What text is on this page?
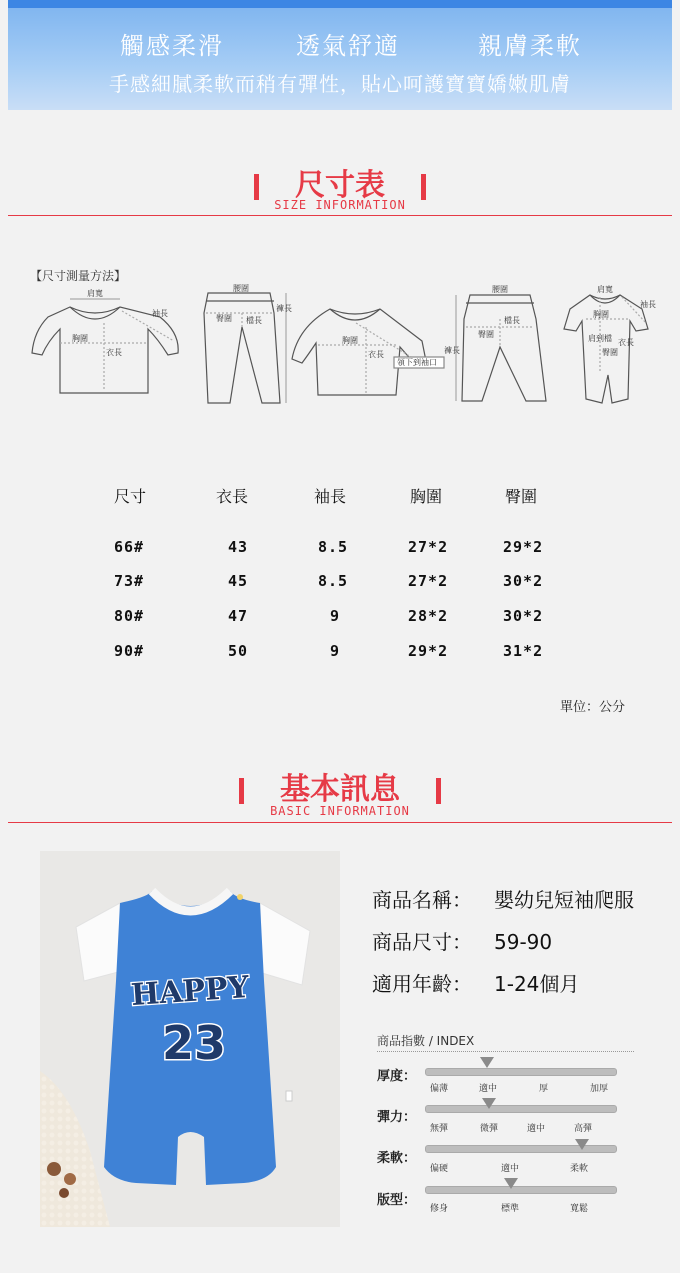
觸感柔滑	透氣舒適	親膚柔軟
手感細膩柔軟而稍有彈性，貼心呵護寶寶嬌嫩肌膚
尺寸表
SIZE INFORMATION
【尺寸測量方法】
肩寬
袖長
胸圍
衣長
腰圍
臀圍 檔長
褲長
胸圍
衣長
領下到袖口
腰圍
臀圍
檔長
褲長
肩寬
袖長
胸圍
衣長
肩到檔
臀圍
尺寸	衣長	袖長	胸圍	臀圍
66#	43	8.5	27*2	29*2
73#	45	8.5	27*2	30*2
80#	47	9	28*2	30*2
90#	50	9	29*2	31*2
單位：公分
基本訊息
BASIC INFORMATION
HAPPY
23
商品名稱： 嬰幼兒短袖爬服
商品尺寸： 59-90
適用年齡： 1-24個月
商品指數 / INDEX
厚度：
偏薄	適中	厚	加厚
彈力：
無彈	微彈	適中	高彈
柔軟：
偏硬	適中	柔軟
版型：
修身	標準	寬鬆
